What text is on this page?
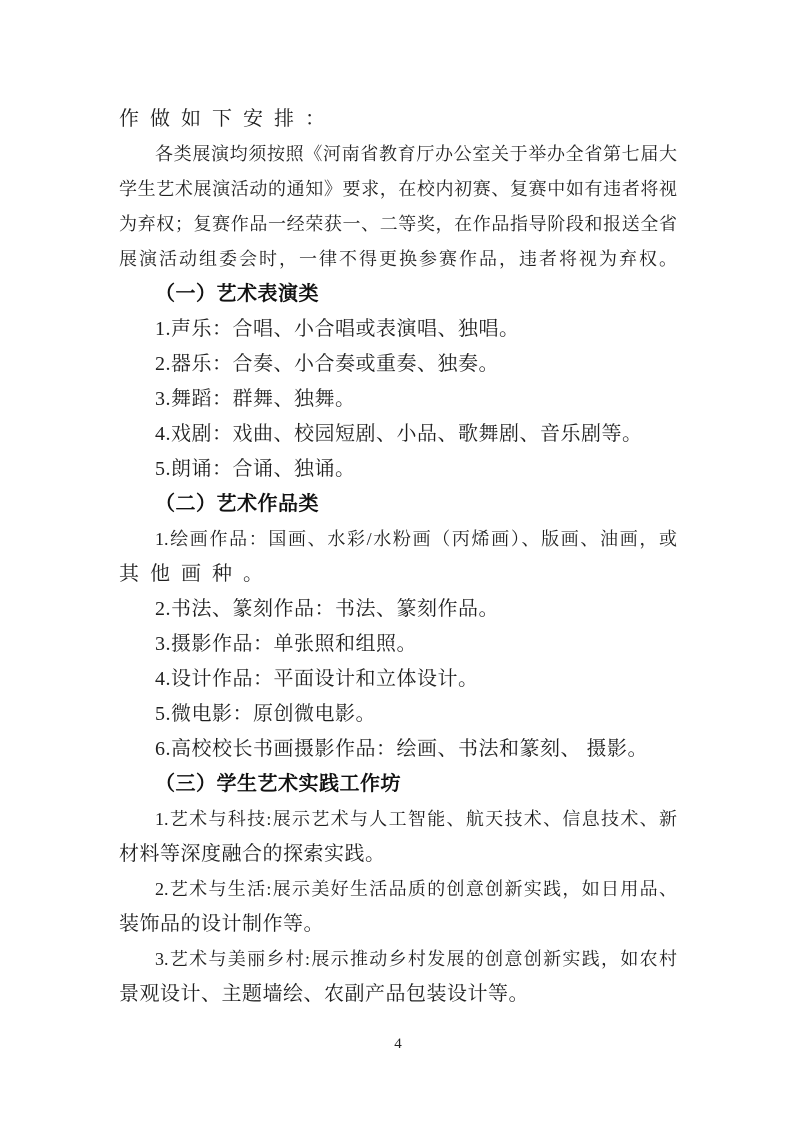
作做如下安排：
各类展演均须按照《河南省教育厅办公室关于举办全省第七届大
学生艺术展演活动的通知》要求，在校内初赛、复赛中如有违者将视
为弃权；复赛作品一经荣获一、二等奖，在作品指导阶段和报送全省
展演活动组委会时，一律不得更换参赛作品，违者将视为弃权。
（一）艺术表演类
1.声乐：合唱、小合唱或表演唱、独唱。
2.器乐：合奏、小合奏或重奏、独奏。
3.舞蹈：群舞、独舞。
4.戏剧：戏曲、校园短剧、小品、歌舞剧、音乐剧等。
5.朗诵：合诵、独诵。
（二）艺术作品类
1.绘画作品：国画、水彩/水粉画（丙烯画）、版画、油画，或
其他画种。
2.书法、篆刻作品：书法、篆刻作品。
3.摄影作品：单张照和组照。
4.设计作品：平面设计和立体设计。
5.微电影：原创微电影。
6.高校校长书画摄影作品：绘画、书法和篆刻、 摄影。
（三）学生艺术实践工作坊
1.艺术与科技:展示艺术与人工智能、航天技术、信息技术、新
材料等深度融合的探索实践。
2.艺术与生活:展示美好生活品质的创意创新实践，如日用品、
装饰品的设计制作等。
3.艺术与美丽乡村:展示推动乡村发展的创意创新实践，如农村
景观设计、主题墙绘、农副产品包装设计等。
4
